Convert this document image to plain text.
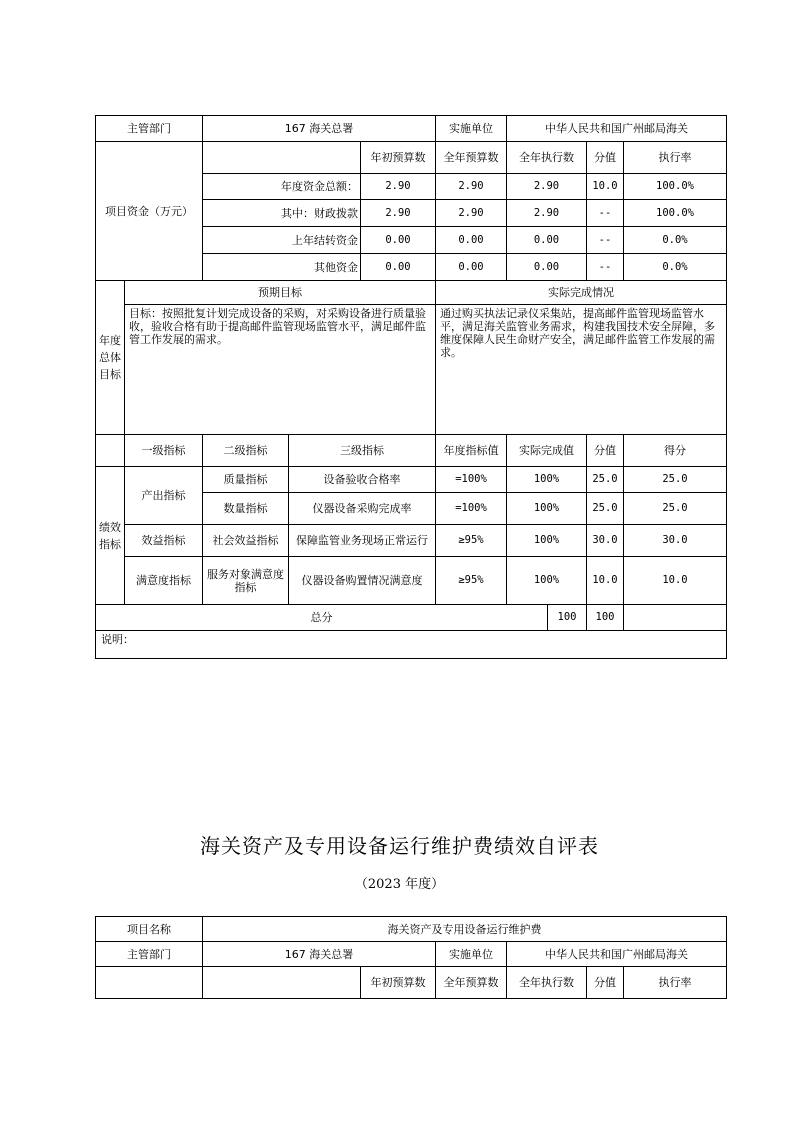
主管部门		167 海关总署			实施单位	中华人民共和国广州邮局海关				
项目资金（万元）				年初预算数	全年预算数	全年执行数		分值	执行率	
		年度资金总额：		2.90	2.90	2.90		10.0	100.0%	
		其中：财政拨款		2.90	2.90	2.90		--	100.0%	
		上年结转资金		0.00	0.00	0.00		--	0.0%	
		其他资金		0.00	0.00	0.00		--	0.0%	
年度总体目标	预期目标				实际完成情况					
	目标：按照批复计划完成设备的采购，对采购设备进行质量验收，验收合格有助于提高邮件监管现场监管水平，满足邮件监管工作发展的需求。				通过购买执法记录仪采集站，提高邮件监管现场监管水平，满足海关监管业务需求，构建我国技术安全屏障，多维度保障人民生命财产安全，满足邮件监管工作发展的需求。					
	一级指标	二级指标	三级指标		年度指标值	实际完成值		分值	得分
绩效指标	产出指标	质量指标	设备验收合格率		=100%	100%		25.0	25.0	
		数量指标	仪器设备采购完成率		=100%	100%		25.0	25.0	
	效益指标	社会效益指标	保障监管业务现场正常运行		≥95%	100%		30.0	30.0	
	满意度指标	服务对象满意度指标	仪器设备购置情况满意度		≥95%	100%		10.0	10.0	
总分							100	100		
说明：										
海关资产及专用设备运行维护费绩效自评表
（2023 年度）
项目名称	海关资产及专用设备运行维护费						
主管部门	167 海关总署		实施单位	中华人民共和国广州邮局海关			
		年初预算数	全年预算数	全年执行数	分值	执行率	
